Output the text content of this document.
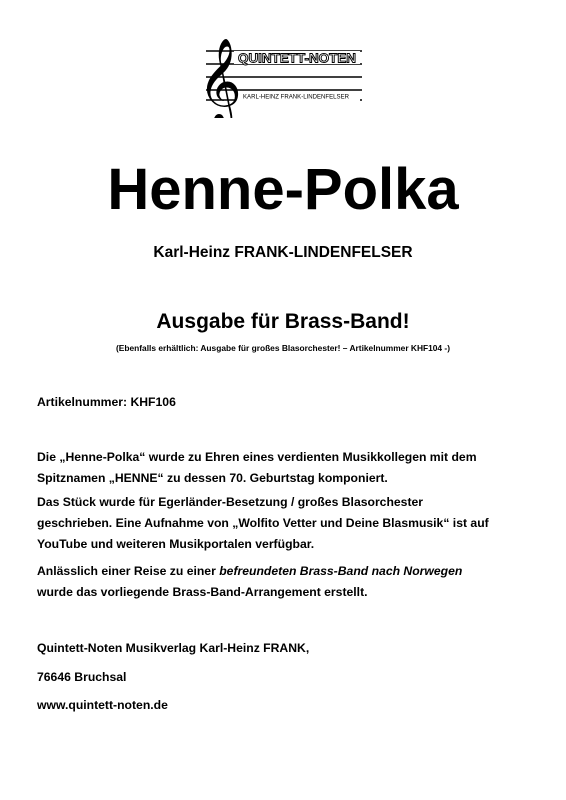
𝄞
QUINTETT-NOTEN
KARL-HEINZ FRANK-LINDENFELSER
Henne-Polka
Karl-Heinz FRANK-LINDENFELSER
Ausgabe für Brass-Band!
(Ebenfalls erhältlich: Ausgabe für großes Blasorchester! – Artikelnummer KHF104 -)
Artikelnummer: KHF106
Die „Henne-Polka“ wurde zu Ehren eines verdienten Musikkollegen mit dem
Spitznamen „HENNE“ zu dessen 70. Geburtstag komponiert.
Das Stück wurde für Egerländer-Besetzung / großes Blasorchester
geschrieben. Eine Aufnahme von „Wolfito Vetter und Deine Blasmusik“ ist auf
YouTube und weiteren Musikportalen verfügbar.
Anlässlich einer Reise zu einer befreundeten Brass-Band nach Norwegen
wurde das vorliegende Brass-Band-Arrangement erstellt.
Quintett-Noten Musikverlag Karl-Heinz FRANK,
76646 Bruchsal
www.quintett-noten.de
